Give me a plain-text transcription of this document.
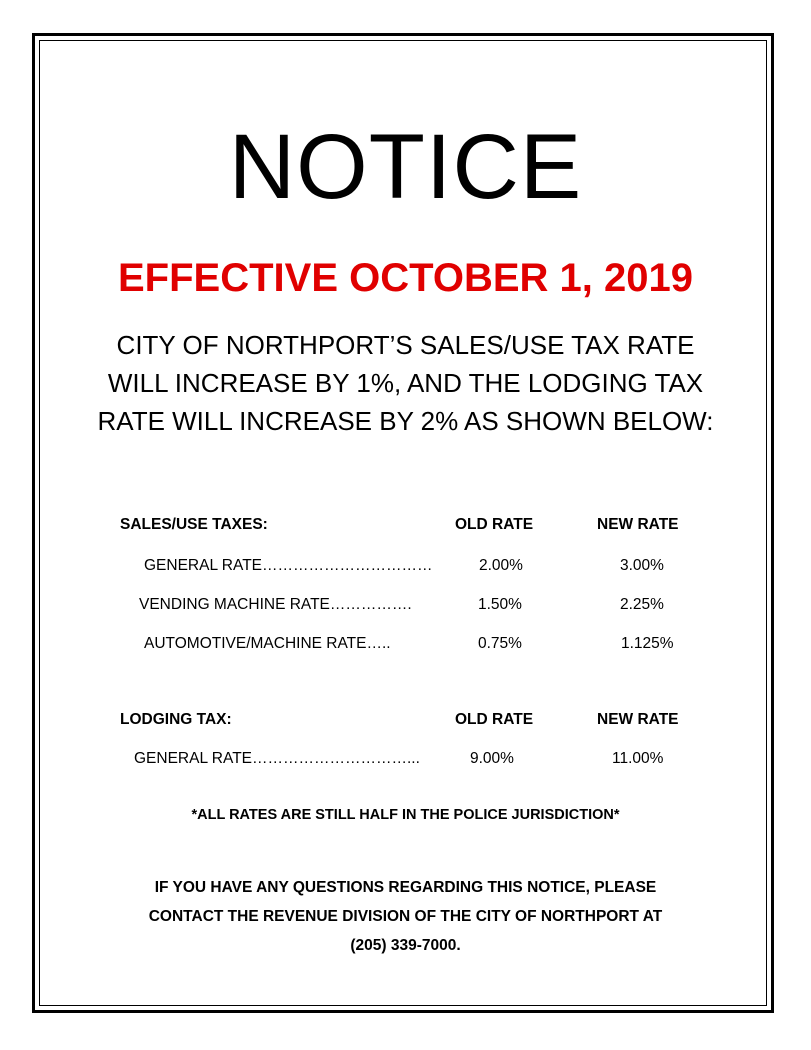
NOTICE
EFFECTIVE OCTOBER 1, 2019
CITY OF NORTHPORT’S SALES/USE TAX RATE
WILL INCREASE BY 1%, AND THE LODGING TAX
RATE WILL INCREASE BY 2% AS SHOWN BELOW:
SALES/USE TAXES:	OLD RATE	NEW RATE
GENERAL RATE……………………………	2.00%	3.00%
VENDING MACHINE RATE…………….	1.50%	2.25%
AUTOMOTIVE/MACHINE RATE…..	0.75%	1.125%
LODGING TAX:	OLD RATE	NEW RATE
GENERAL RATE…………………………...	9.00%	11.00%
*ALL RATES ARE STILL HALF IN THE POLICE JURISDICTION*
IF YOU HAVE ANY QUESTIONS REGARDING THIS NOTICE, PLEASE
CONTACT THE REVENUE DIVISION OF THE CITY OF NORTHPORT AT
(205) 339-7000.
